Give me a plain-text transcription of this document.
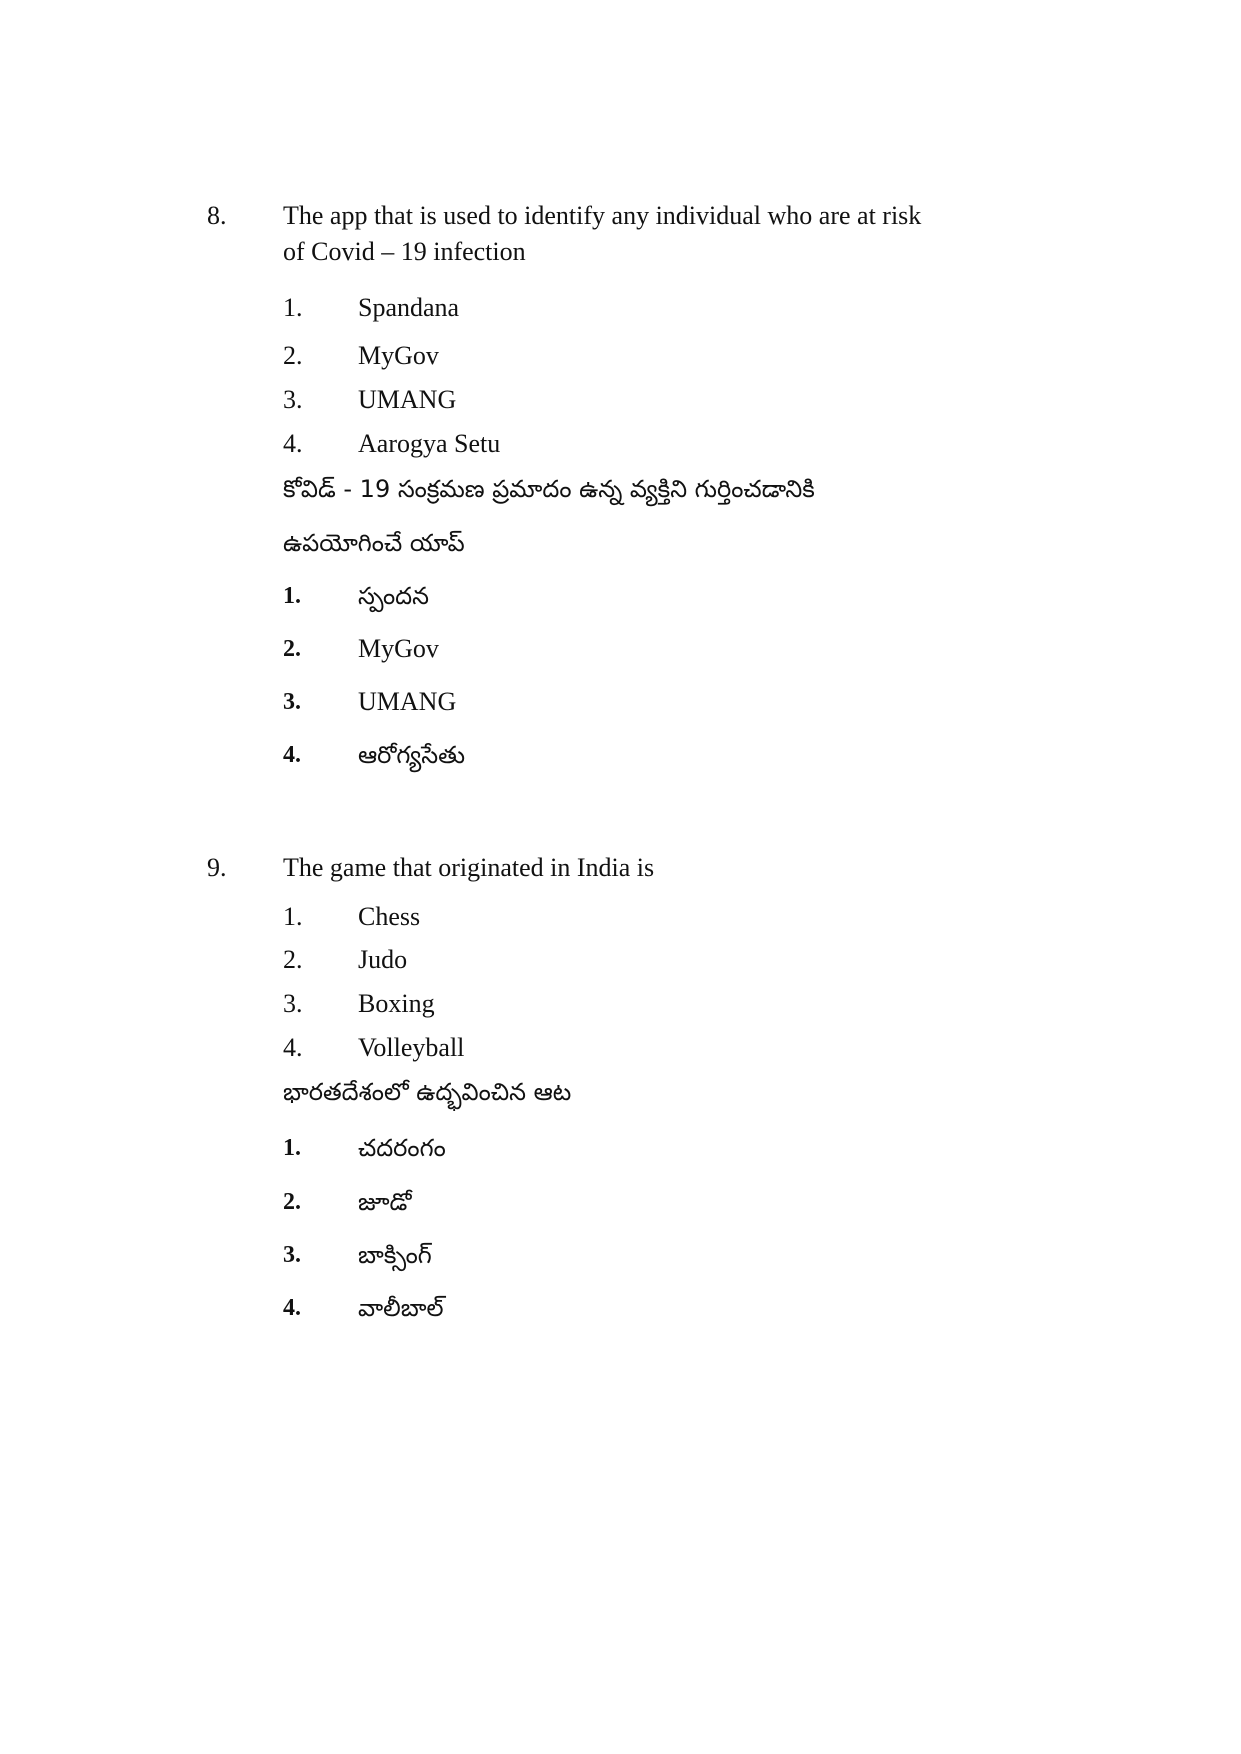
8. The app that is used to identify any individual who are at risk
of Covid – 19 infection
1. Spandana
2. MyGov
3. UMANG
4. Aarogya Setu
కోవిడ్ - 19 సంక్రమణ ప్రమాదం ఉన్న వ్యక్తిని గుర్తించడానికి
ఉపయోగించే యాప్
1. స్పందన
2. MyGov
3. UMANG
4. ఆరోగ్యసేతు
9. The game that originated in India is
1. Chess
2. Judo
3. Boxing
4. Volleyball
భారతదేశంలో ఉద్భవించిన ఆట
1. చదరంగం
2. జూడో
3. బాక్సింగ్
4. వాలీబాల్
